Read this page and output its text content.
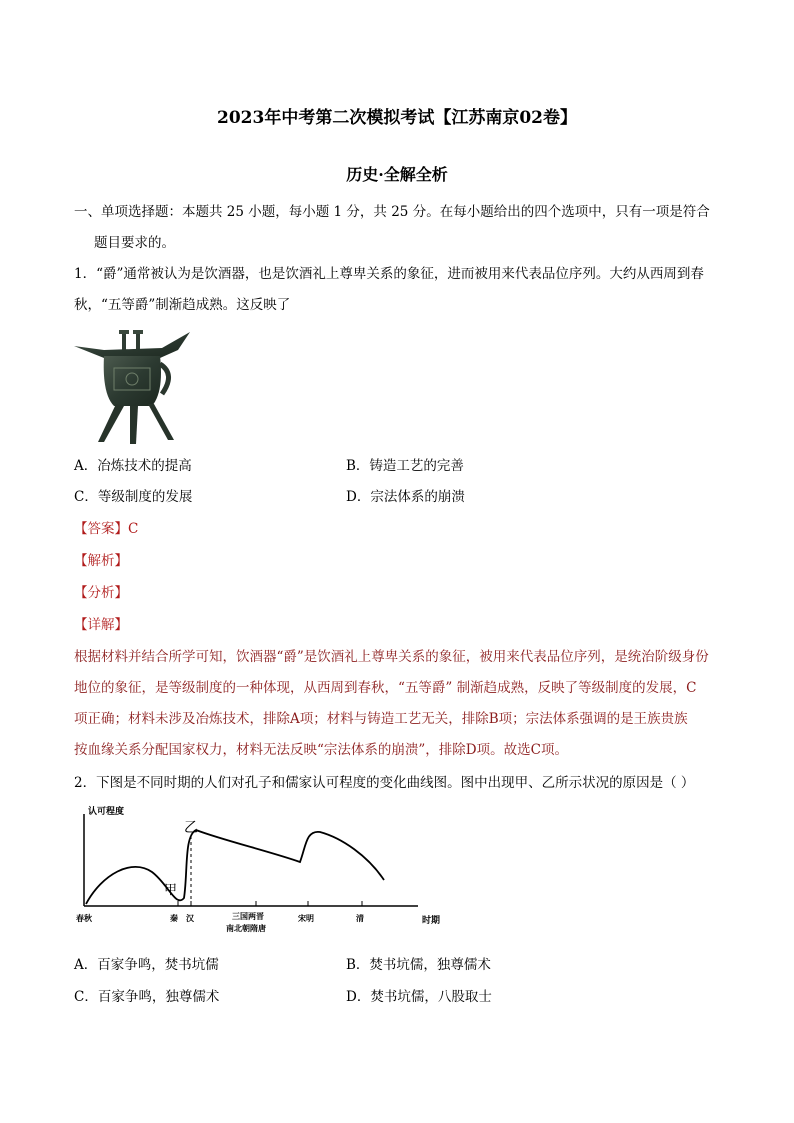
2023年中考第二次模拟考试【江苏南京02卷】
历史·全解全析
一、单项选择题：本题共 25 小题，每小题 1 分，共 25 分。在每小题给出的四个选项中，只有一项是符合
题目要求的。
1．“爵”通常被认为是饮酒器，也是饮酒礼上尊卑关系的象征，进而被用来代表品位序列。大约从西周到春
秋，“五等爵”制渐趋成熟。这反映了
A．冶炼技术的提高	B．铸造工艺的完善
C．等级制度的发展	D．宗法体系的崩溃
【答案】C
【解析】
【分析】
【详解】
根据材料并结合所学可知，饮酒器“爵”是饮酒礼上尊卑关系的象征，被用来代表品位序列，是统治阶级身份
地位的象征，是等级制度的一种体现，从西周到春秋，“五等爵” 制渐趋成熟，反映了等级制度的发展，C
项正确；材料未涉及冶炼技术，排除A项；材料与铸造工艺无关，排除B项；宗法体系强调的是王族贵族
按血缘关系分配国家权力，材料无法反映“宗法体系的崩溃”，排除D项。故选C项。
2．下图是不同时期的人们对孔子和儒家认可程度的变化曲线图。图中出现甲、乙所示状况的原因是（ ）
认可程度
时期
甲
乙
春秋	秦 汉	三国两晋
南北朝隋唐
宋明	清
A．百家争鸣，焚书坑儒	B．焚书坑儒，独尊儒术
C．百家争鸣，独尊儒术	D．焚书坑儒，八股取士
